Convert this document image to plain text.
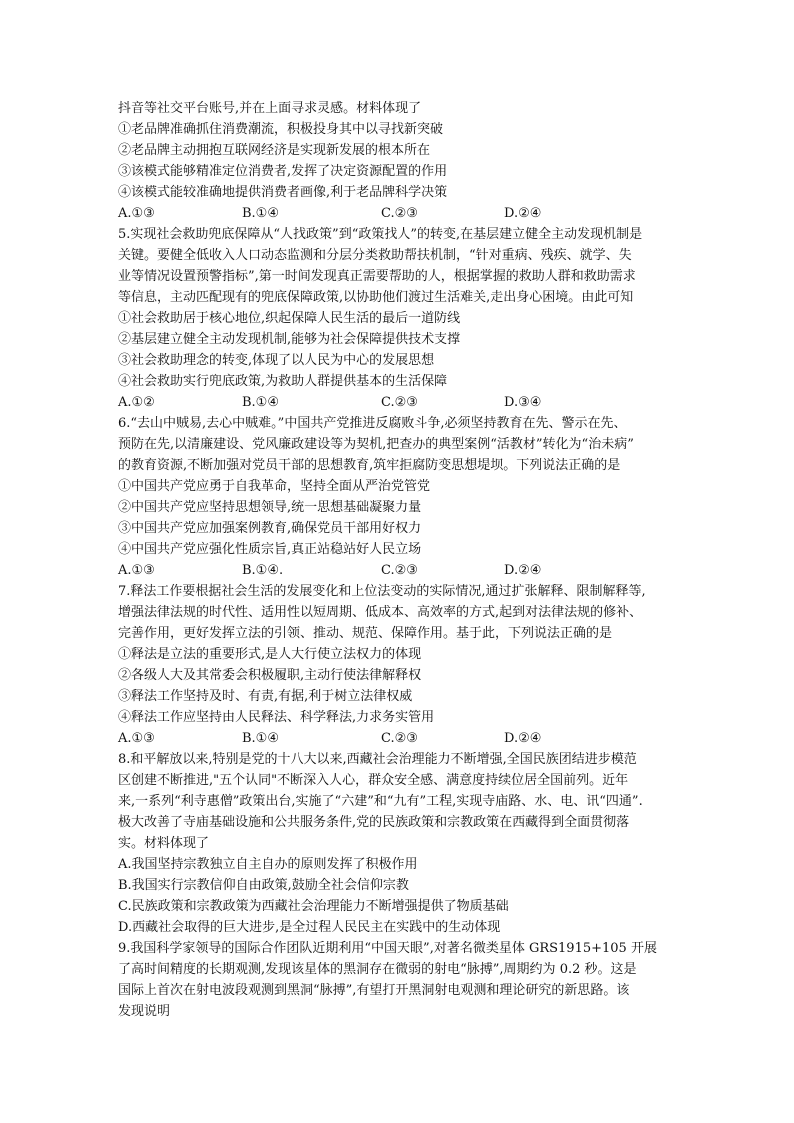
抖音等社交平台账号,并在上面寻求灵感。材料体现了
①老品牌准确抓住消费潮流，积极投身其中以寻找新突破
②老品牌主动拥抱互联网经济是实现新发展的根本所在
③该模式能够精准定位消费者,发挥了决定资源配置的作用
④该模式能较准确地提供消费者画像,利于老品牌科学决策
A.①③	B.①④	C.②③	D.②④
5.实现社会救助兜底保障从“人找政策”到“政策找人”的转变,在基层建立健全主动发现机制是
关键。要健全低收入人口动态监测和分层分类救助帮扶机制，“针对重病、残疾、就学、失
业等情况设置预警指标”,第一时间发现真正需要帮助的人，根据掌握的救助人群和救助需求
等信息，主动匹配现有的兜底保障政策,以协助他们渡过生活难关,走出身心困境。由此可知
①社会救助居于核心地位,织起保障人民生活的最后一道防线
②基层建立健全主动发现机制,能够为社会保障提供技术支撑
③社会救助理念的转变,体现了以人民为中心的发展思想
④社会救助实行兜底政策,为救助人群提供基本的生活保障
A.①②	B.①④	C.②③	D.③④
6.“去山中贼易,去心中贼难。”中国共产党推进反腐败斗争,必须坚持教育在先、警示在先、
预防在先,以清廉建设、党风廉政建设等为契机,把查办的典型案例“活教材”转化为“治未病”
的教育资源,不断加强对党员干部的思想教育,筑牢拒腐防变思想堤坝。下列说法正确的是
①中国共产党应勇于自我革命，坚持全面从严治党管党
②中国共产党应坚持思想领导,统一思想基础凝聚力量
③中国共产党应加强案例教育,确保党员干部用好权力
④中国共产党应强化性质宗旨,真正站稳站好人民立场
A.①③	B.①④.	C.②③	D.②④
7.释法工作要根据社会生活的发展变化和上位法变动的实际情况,通过扩张解释、限制解释等,
增强法律法规的时代性、适用性以短周期、低成本、高效率的方式,起到对法律法规的修补、
完善作用，更好发挥立法的引领、推动、规范、保障作用。基于此，下列说法正确的是
①释法是立法的重要形式,是人大行使立法权力的体现
②各级人大及其常委会积极履职,主动行使法律解释权
③释法工作坚持及时、有责,有据,利于树立法律权威
④释法工作应坚持由人民释法、科学释法,力求务实管用
A.①③	B.①④	C.②③	D.②④
8.和平解放以来,特别是党的十八大以来,西藏社会治理能力不断增强,全国民族团结进步模范
区创建不断推进,"五个认同"不断深入人心，群众安全感、满意度持续位居全国前列。近年
来,一系列“利寺惠僧”政策出台,实施了“六建”和“九有”工程,实现寺庙路、水、电、讯“四通”.
极大改善了寺庙基础设施和公共服务条件,党的民族政策和宗教政策在西藏得到全面贯彻落
实。材料体现了
A.我国坚持宗教独立自主自办的原则发挥了积极作用
B.我国实行宗教信仰自由政策,鼓励全社会信仰宗教
C.民族政策和宗教政策为西藏社会治理能力不断增强提供了物质基础
D.西藏社会取得的巨大进步,是全过程人民民主在实践中的生动体现
9.我国科学家领导的国际合作团队近期利用“中国天眼”,对著名微类星体 GRS1915+105 开展
了高时间精度的长期观测,发现该星体的黑洞存在微弱的射电“脉搏”,周期约为 0.2 秒。这是
国际上首次在射电波段观测到黑洞“脉搏”,有望打开黑洞射电观测和理论研究的新思路。该
发现说明
